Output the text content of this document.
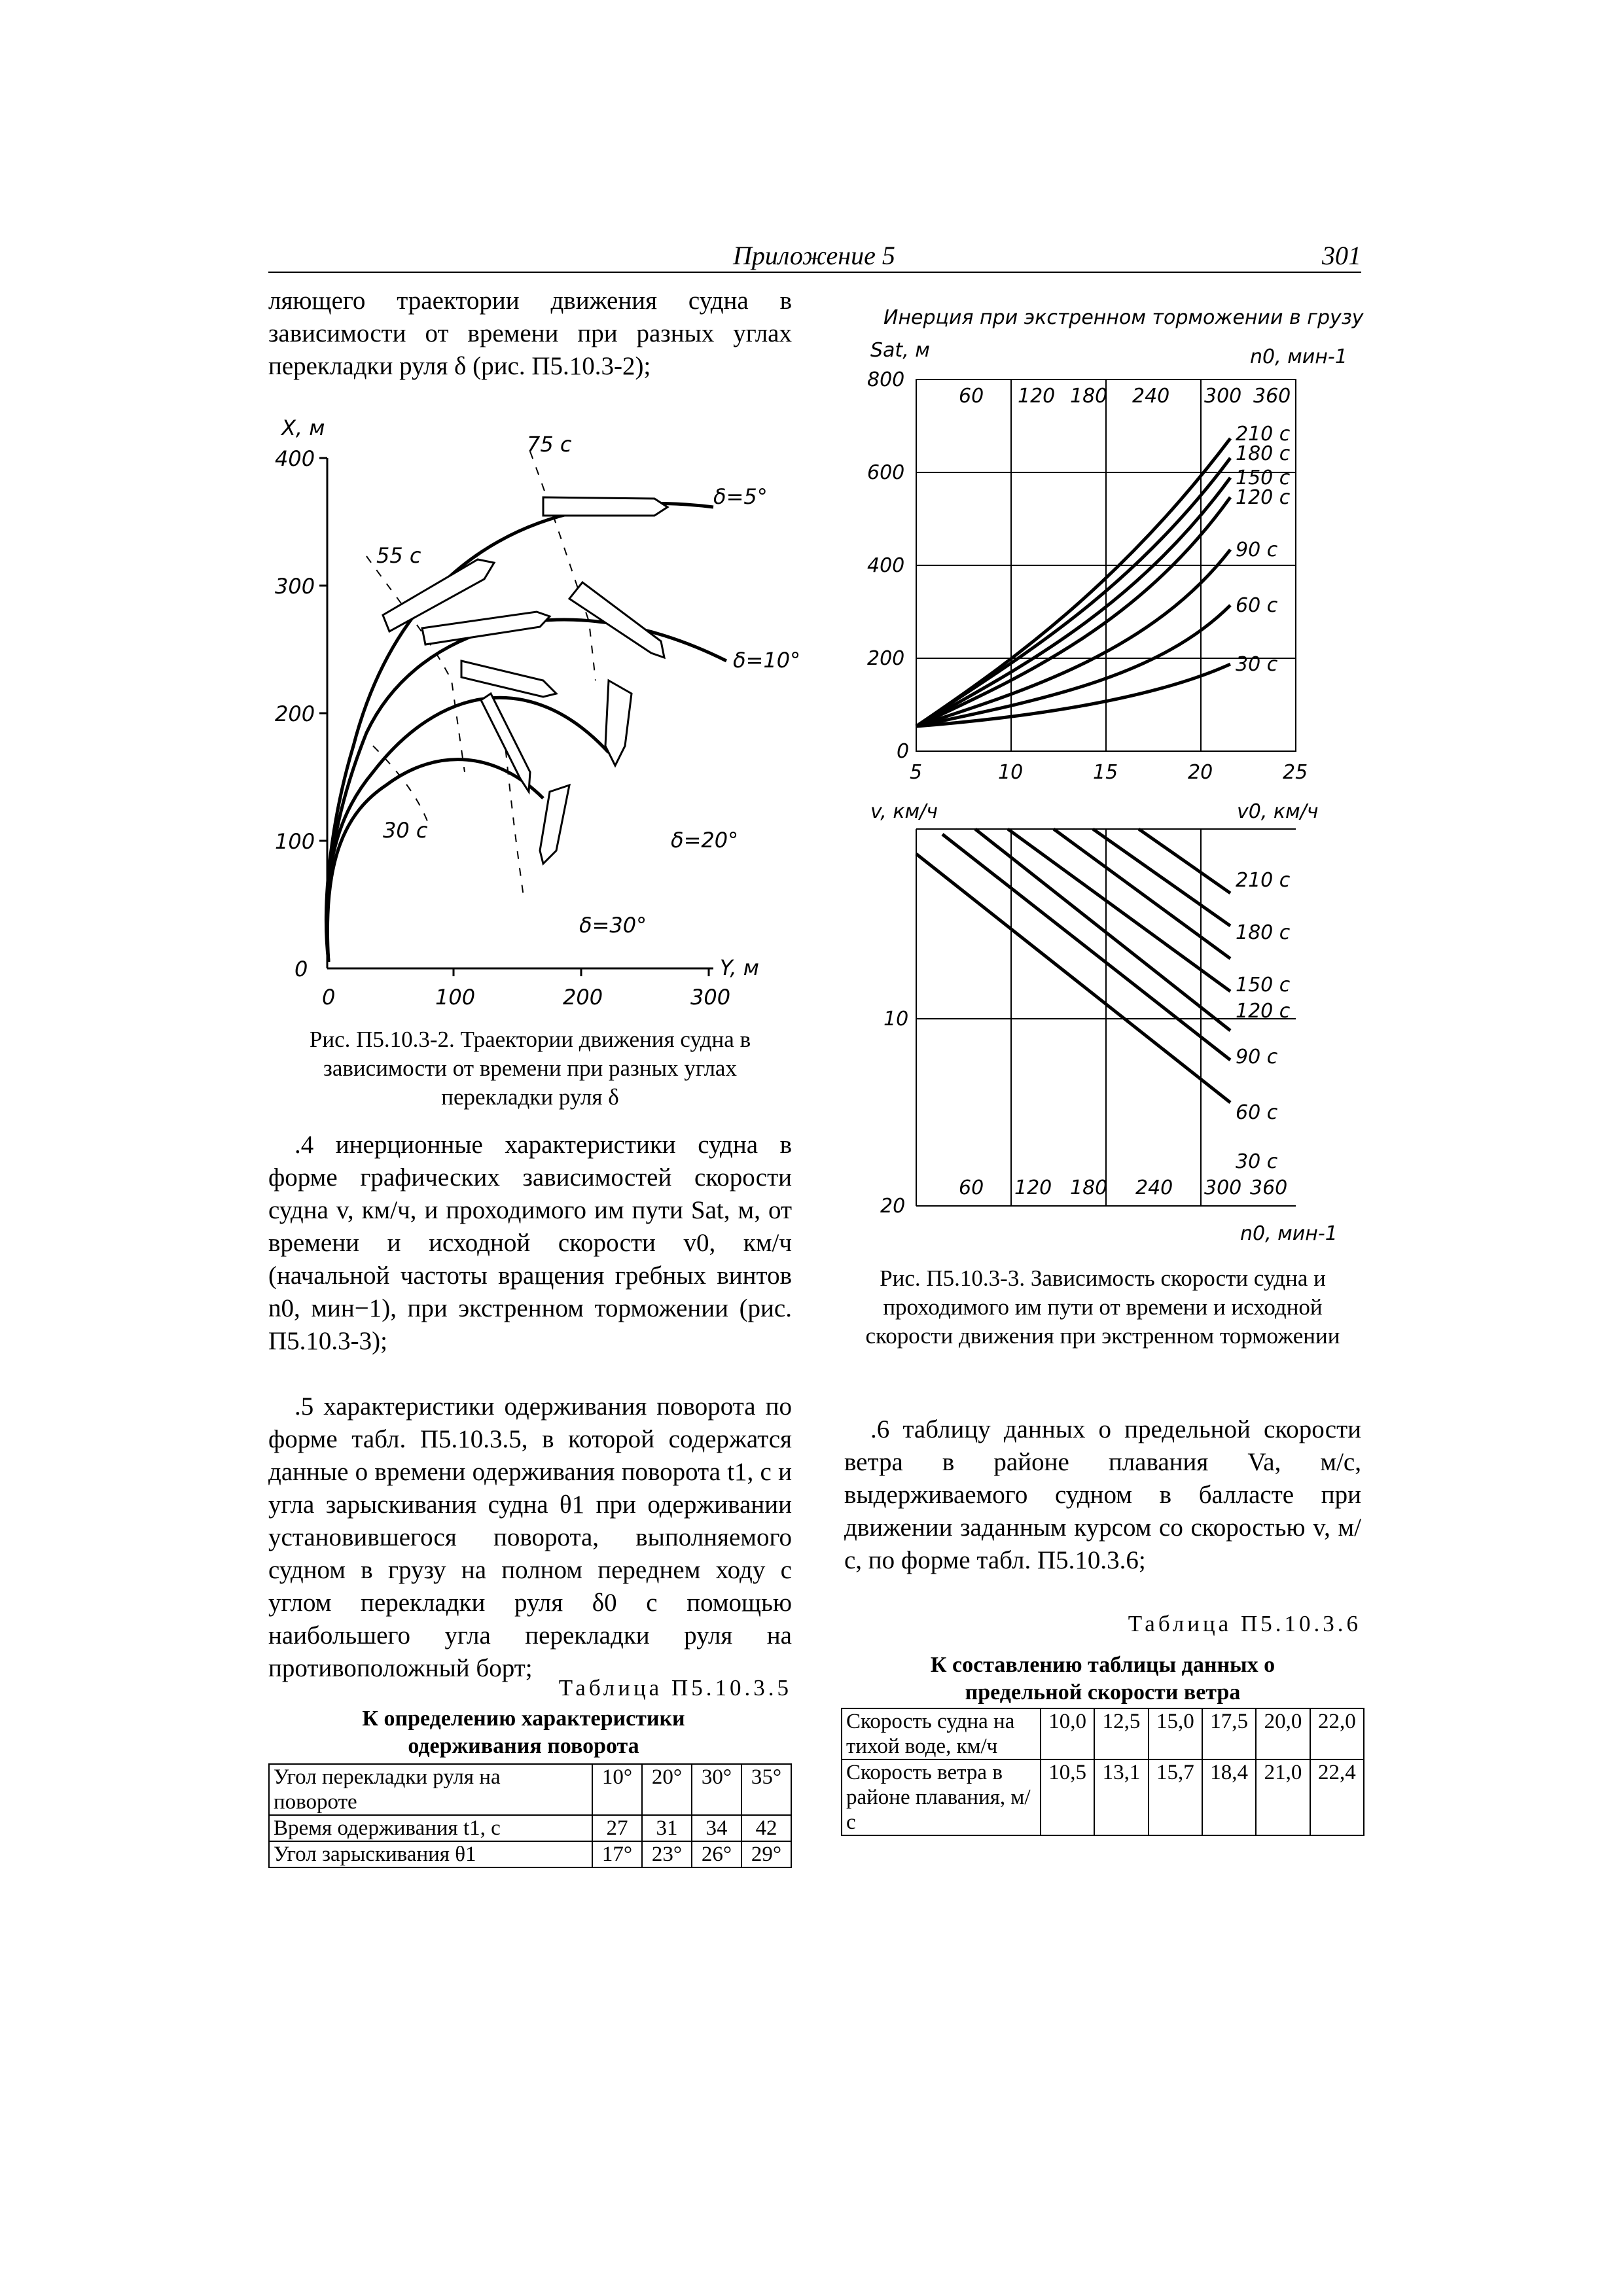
Приложение 5	301

ляющего траектории движения судна в зависимости от времени при разных углах перекладки руля δ (рис. П5.10.3-2);

X, м
Y, м
400
300
200
100
0
0	100	200	300
75 с
55 с
30 с
δ=5°
δ=10°
δ=20°
δ=30°
Рис. П5.10.3-2. Траектории движения судна в зависимости от времени при разных углах перекладки руля δ

.4 инерционные характеристики судна в форме графических зависимостей скорости судна v, км/ч, и проходимого им пути Sat, м, от времени и исходной скорости v0, км/ч (начальной частоты вращения гребных винтов n0, мин−1), при экстренном торможении (рис. П5.10.3-3);

.5 характеристики одерживания поворота по форме табл. П5.10.3.5, в которой содержатся данные о времени одерживания поворота t1, с и угла зарыскивания судна θ1 при одерживании установившегося поворота, выполняемого судном в грузу на полном переднем ходу с углом перекладки руля δ0 с помощью наибольшего угла перекладки руля на противоположный борт;

Таблица П5.10.3.5
К определению характеристики одерживания поворота
Угол перекладки руля на повороте	10°	20°	30°	35°
Время одерживания t1, с	27	31	34	42
Угол зарыскивания θ1	17°	23°	26°	29°
Инерция при экстренном торможении в грузу
Sat, м	n0, мин-1
800
600
400
200
0
5	10	15	20	25
60 120 180 240 300 360
210 с
180 с
150 с
120 с
90 с
60 с
30 с
v, км/ч	v0, км/ч
10
20
60 120 180 240 300 360
n0, мин-1
210 с
180 с
150 с
120 с
90 с
60 с
30 с
Рис. П5.10.3-3. Зависимость скорости судна и проходимого им пути от времени и исходной скорости движения при экстренном торможении

.6 таблицу данных о предельной скорости ветра в районе плавания Va, м/с, выдерживаемого судном в балласте при движении заданным курсом со скоростью v, м/с, по форме табл. П5.10.3.6;

Таблица П5.10.3.6
К составлению таблицы данных о предельной скорости ветра
Скорость судна на тихой воде, км/ч	10,0	12,5	15,0	17,5	20,0	22,0
Скорость ветра в районе плавания, м/с	10,5	13,1	15,7	18,4	21,0	22,4
